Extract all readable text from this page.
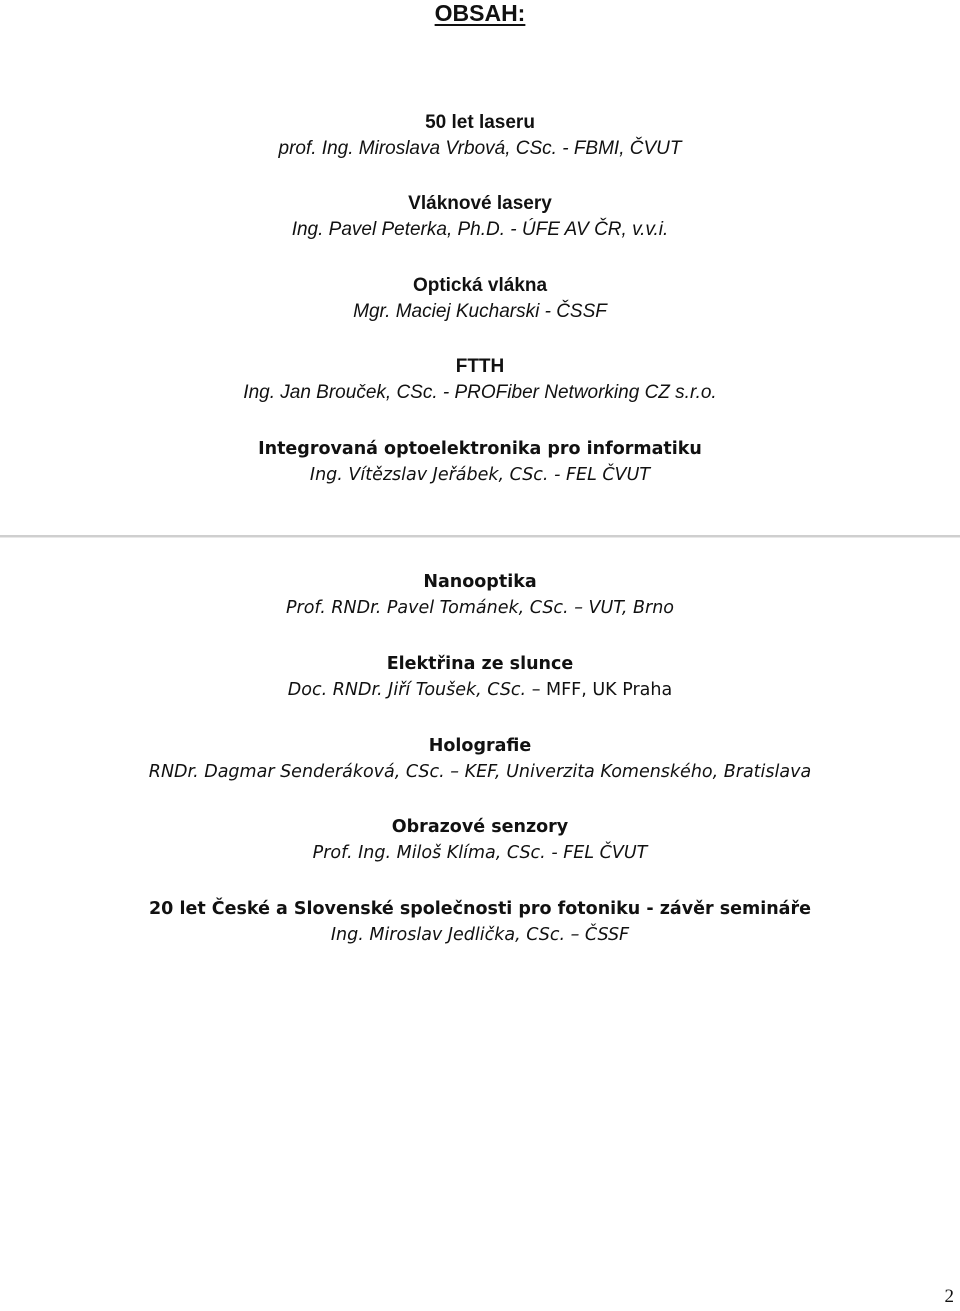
OBSAH:
50 let laseru
prof. Ing. Miroslava Vrbová, CSc. - FBMI, ČVUT
Vláknové lasery
Ing. Pavel Peterka, Ph.D. - ÚFE AV ČR, v.v.i.
Optická vlákna
Mgr. Maciej Kucharski - ČSSF
FTTH
Ing. Jan Brouček, CSc. - PROFiber Networking CZ s.r.o.
Integrovaná optoelektronika pro informatiku
Ing. Vítězslav Jeřábek, CSc. - FEL ČVUT
Nanooptika
Prof. RNDr. Pavel Tománek, CSc. – VUT, Brno
Elektřina ze slunce
Doc. RNDr. Jiří Toušek, CSc. – MFF, UK Praha
Holografie
RNDr. Dagmar Senderáková, CSc. – KEF, Univerzita Komenského, Bratislava
Obrazové senzory
Prof. Ing. Miloš Klíma, CSc. - FEL ČVUT
20 let České a Slovenské společnosti pro fotoniku - závěr semináře
Ing. Miroslav Jedlička, CSc. – ČSSF
2
